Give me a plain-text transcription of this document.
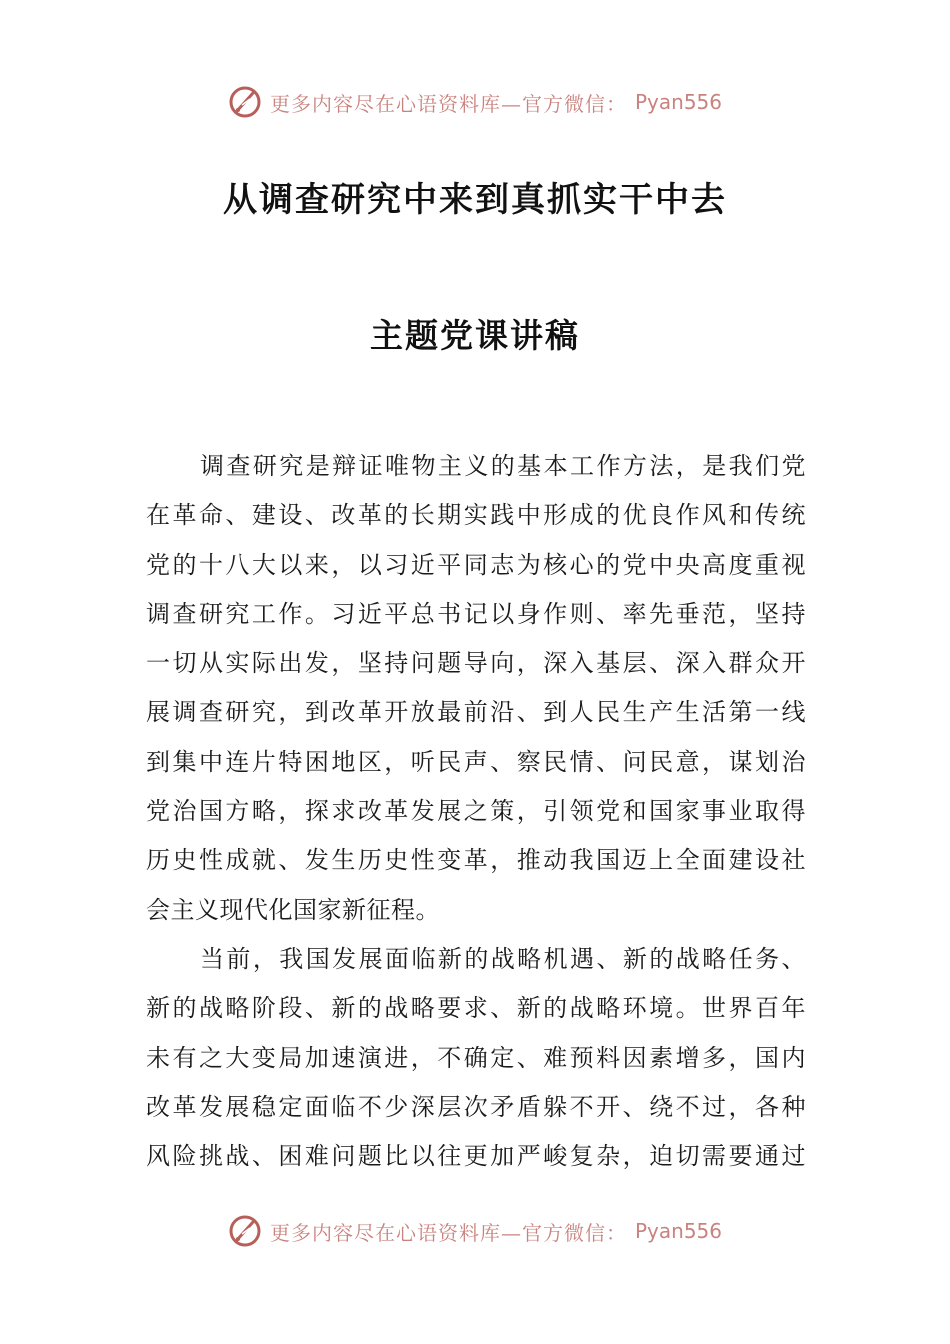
更多内容尽在心语资料库—官方微信： Pyan556
从调查研究中来到真抓实干中去
主题党课讲稿

调查研究是辩证唯物主义的基本工作方法，是我们党
在革命、建设、改革的长期实践中形成的优良作风和传统
党的十八大以来，以习近平同志为核心的党中央高度重视
调查研究工作。习近平总书记以身作则、率先垂范，坚持
一切从实际出发，坚持问题导向，深入基层、深入群众开
展调查研究，到改革开放最前沿、到人民生产生活第一线
到集中连片特困地区，听民声、察民情、问民意，谋划治
党治国方略，探求改革发展之策，引领党和国家事业取得
历史性成就、发生历史性变革，推动我国迈上全面建设社
会主义现代化国家新征程。

当前，我国发展面临新的战略机遇、新的战略任务、
新的战略阶段、新的战略要求、新的战略环境。世界百年
未有之大变局加速演进，不确定、难预料因素增多，国内
改革发展稳定面临不少深层次矛盾躲不开、绕不过，各种
风险挑战、困难问题比以往更加严峻复杂，迫切需要通过

更多内容尽在心语资料库—官方微信： Pyan556
